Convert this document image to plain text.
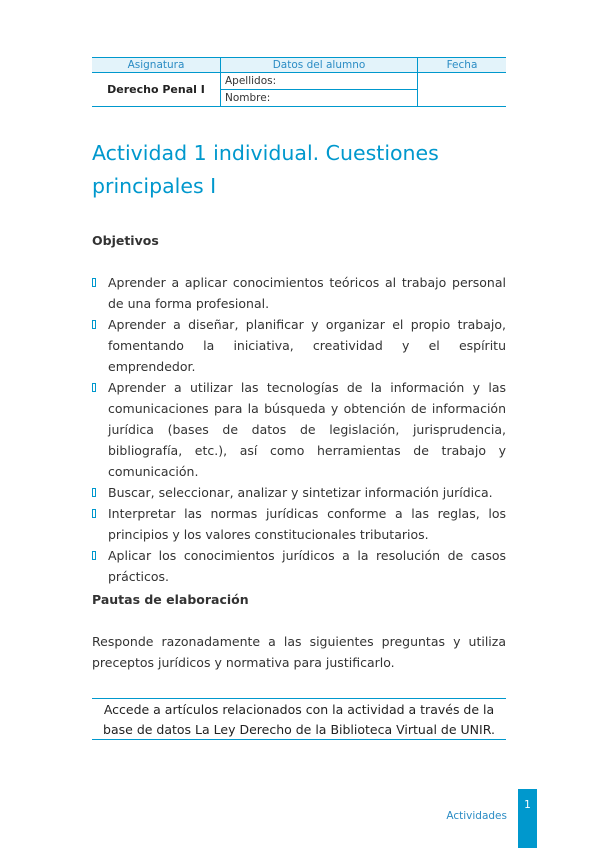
Asignatura	Datos del alumno	Fecha
Derecho Penal I	Apellidos:	
	Nombre:	
Actividad 1 individual. Cuestiones principales I
Objetivos
Aprender a aplicar conocimientos teóricos al trabajo personal de una forma profesional.
Aprender a diseñar, planificar y organizar el propio trabajo, fomentando la iniciativa, creatividad y el espíritu emprendedor.
Aprender a utilizar las tecnologías de la información y las comunicaciones para la búsqueda y obtención de información jurídica (bases de datos de legislación, jurisprudencia, bibliografía, etc.), así como herramientas de trabajo y comunicación.
Buscar, seleccionar, analizar y sintetizar información jurídica.
Interpretar las normas jurídicas conforme a las reglas, los principios y los valores constitucionales tributarios.
Aplicar los conocimientos jurídicos a la resolución de casos prácticos.
Pautas de elaboración

Responde razonadamente a las siguientes preguntas y utiliza preceptos jurídicos y normativa para justificarlo.

Accede a artículos relacionados con la actividad a través de la base de datos La Ley Derecho de la Biblioteca Virtual de UNIR.
Actividades
1
